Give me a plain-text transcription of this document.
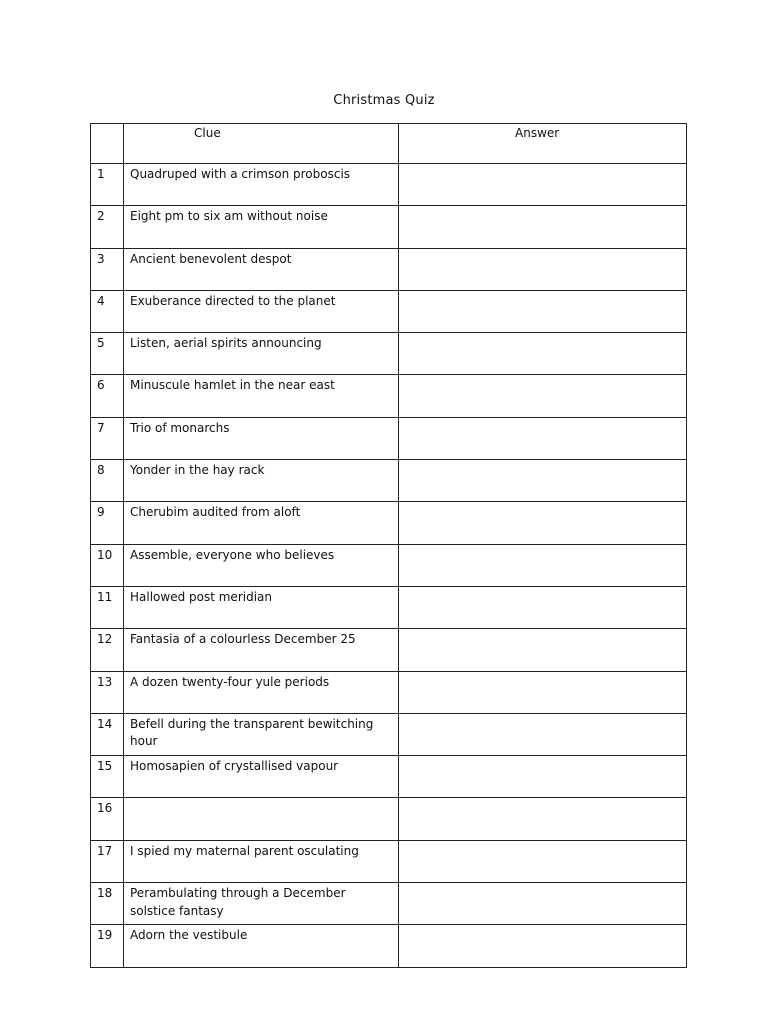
Christmas Quiz
	Clue	Answer
1	Quadruped with a crimson proboscis	
2	Eight pm to six am without noise	
3	Ancient benevolent despot	
4	Exuberance directed to the planet	
5	Listen, aerial spirits announcing	
6	Minuscule hamlet in the near east	
7	Trio of monarchs	
8	Yonder in the hay rack	
9	Cherubim audited from aloft	
10	Assemble, everyone who believes	
11	Hallowed post meridian	
12	Fantasia of a colourless December 25	
13	A dozen twenty-four yule periods	
14	Befell during the transparent bewitching hour	
15	Homosapien of crystallised vapour	
16		
17	I spied my maternal parent osculating	
18	Perambulating through a December solstice fantasy	
19	Adorn the vestibule	
